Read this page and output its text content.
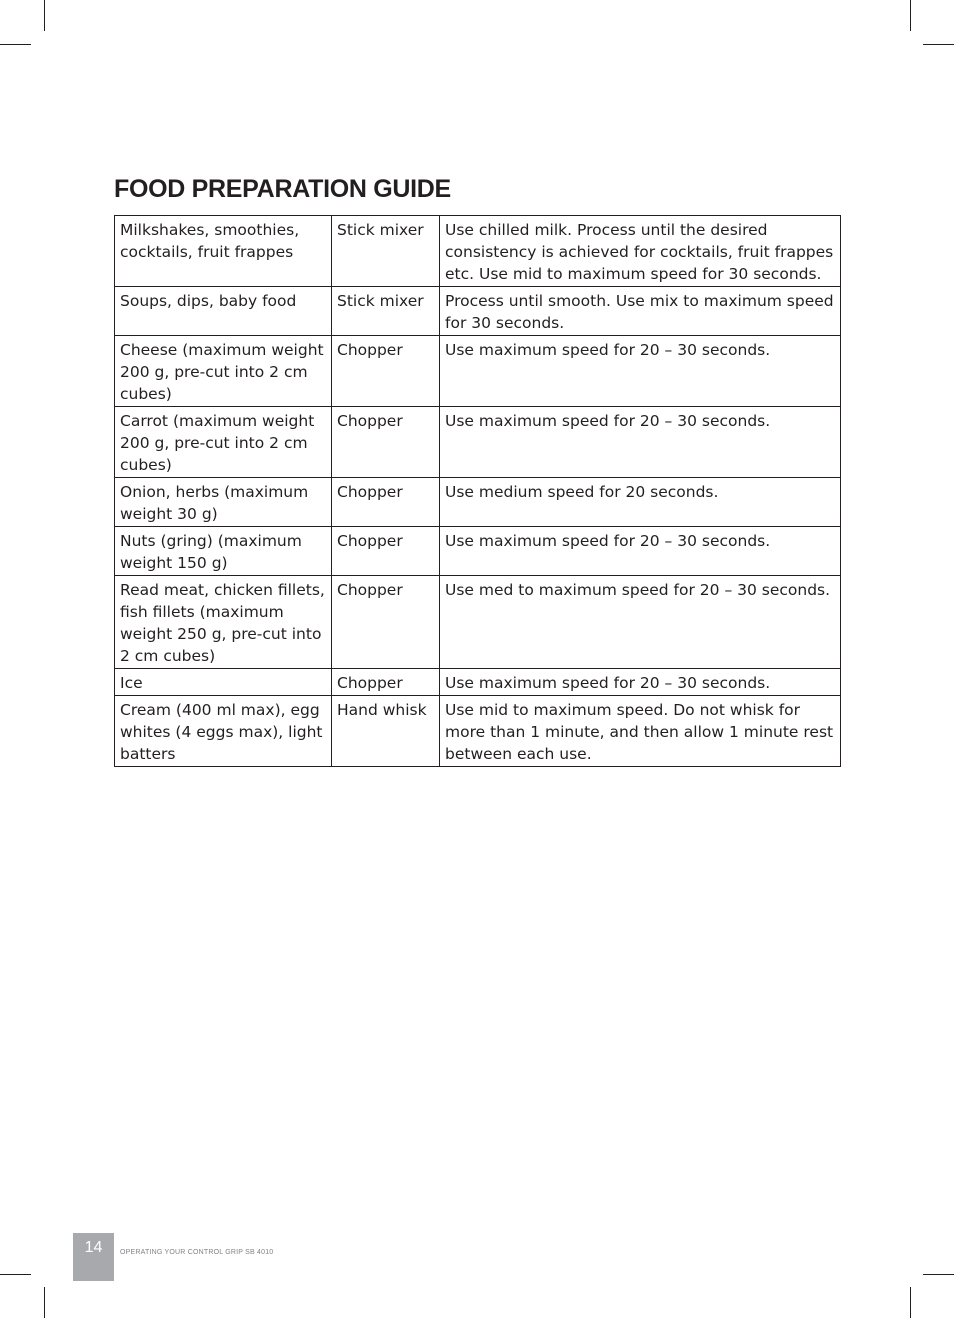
FOOD PREPARATION GUIDE
Milkshakes, smoothies, cocktails, fruit frappes	Stick mixer	Use chilled milk. Process until the desired consistency is achieved for cocktails, fruit frappes etc. Use mid to maximum speed for 30 seconds.
Soups, dips, baby food	Stick mixer	Process until smooth. Use mix to maximum speed for 30 seconds.
Cheese (maximum weight 200 g, pre-cut into 2 cm cubes)	Chopper	Use maximum speed for 20 – 30 seconds.
Carrot (maximum weight 200 g, pre-cut into 2 cm cubes)	Chopper	Use maximum speed for 20 – 30 seconds.
Onion, herbs (maximum weight 30 g)	Chopper	Use medium speed for 20 seconds.
Nuts (gring) (maximum weight 150 g)	Chopper	Use maximum speed for 20 – 30 seconds.
Read meat, chicken fillets, fish fillets (maximum weight 250 g, pre-cut into 2 cm cubes)	Chopper	Use med to maximum speed for 20 – 30 seconds.
Ice	Chopper	Use maximum speed for 20 – 30 seconds.
Cream (400 ml max), egg whites (4 eggs max), light batters	Hand whisk	Use mid to maximum speed. Do not whisk for more than 1 minute, and then allow 1 minute rest between each use.
14	OPERATING YOUR CONTROL GRIP SB 4010
